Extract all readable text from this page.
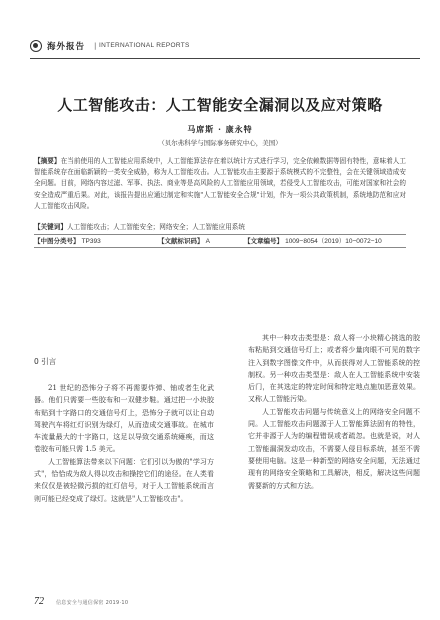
海外报告 | INTERNATIONAL REPORTS
人工智能攻击：人工智能安全漏洞以及应对策略
马席斯 · 康永特
（贝尔弗科学与国际事务研究中心，美国）
【摘要】在当前使用的人工智能应用系统中，人工智能算法存在着以统计方式进行学习，完全依赖数据等固有特性，意味着人工智能系统存在面临新颖的一类安全威胁，称为人工智能攻击。人工智能攻击主要源于系统模式的不完整性，会在关键领域造成安全问题。目前，网络内容过滤、军事、执法、商业等是高风险的人工智能应用领域，若侵受人工智能攻击，可能对国家和社会的安全造成严重后果。对此，该报告提出应通过制定和实施"人工智能安全合规"计划，作为一项公共政策机制，系统地防范和应对人工智能攻击风险。
【关键词】人工智能攻击；人工智能安全；网络安全；人工智能应用系统
【中图分类号】 TP393	【文献标识码】 A	【文章编号】 1009−8054（2019）10−0072−10
0 引言

21 世纪的恐怖分子将不再需要炸弹、铀或者生化武器。他们只需要一些胶布和一双健步鞋。通过把一小块胶布贴到十字路口的交通信号灯上，恐怖分子就可以让自动驾驶汽车将红灯识别为绿灯，从而造成交通事故。在城市车流量最大的十字路口，这足以导致交通系统瘫痪，而这卷胶布可能只需 1.5 美元。

人工智能算法带来以下问题：它们引以为傲的"学习方式"，恰恰成为敌人得以攻击和操控它们的途径。在人类看来仅仅是被轻微污损的红灯信号，对于人工智能系统而言则可能已经变成了绿灯。这就是"人工智能攻击"。

其中一种攻击类型是：敌人将一小块精心挑选的胶布粘贴到交通信号灯上；或者将少量肉眼不可见的数字注入到数字图像文件中，从而获得对人工智能系统的控制权。另一种攻击类型是：敌人在人工智能系统中安装后门，在其选定的特定时间和特定地点施加恶意效果。又称人工智能污染。

人工智能攻击问题与传统意义上的网络安全问题不同。人工智能攻击问题源于人工智能算法固有的特性，它并非源于人为的编程错误或者疏忽。也就是说，对人工智能漏洞发动攻击，不需要人侵目标系统，甚至不需要使用电脑。这是一种新型的网络安全问题，无法通过现有的网络安全策略和工具解决，相反，解决这些问题需要新的方式和方法。

72 信息安全与通信保密 2019·10
